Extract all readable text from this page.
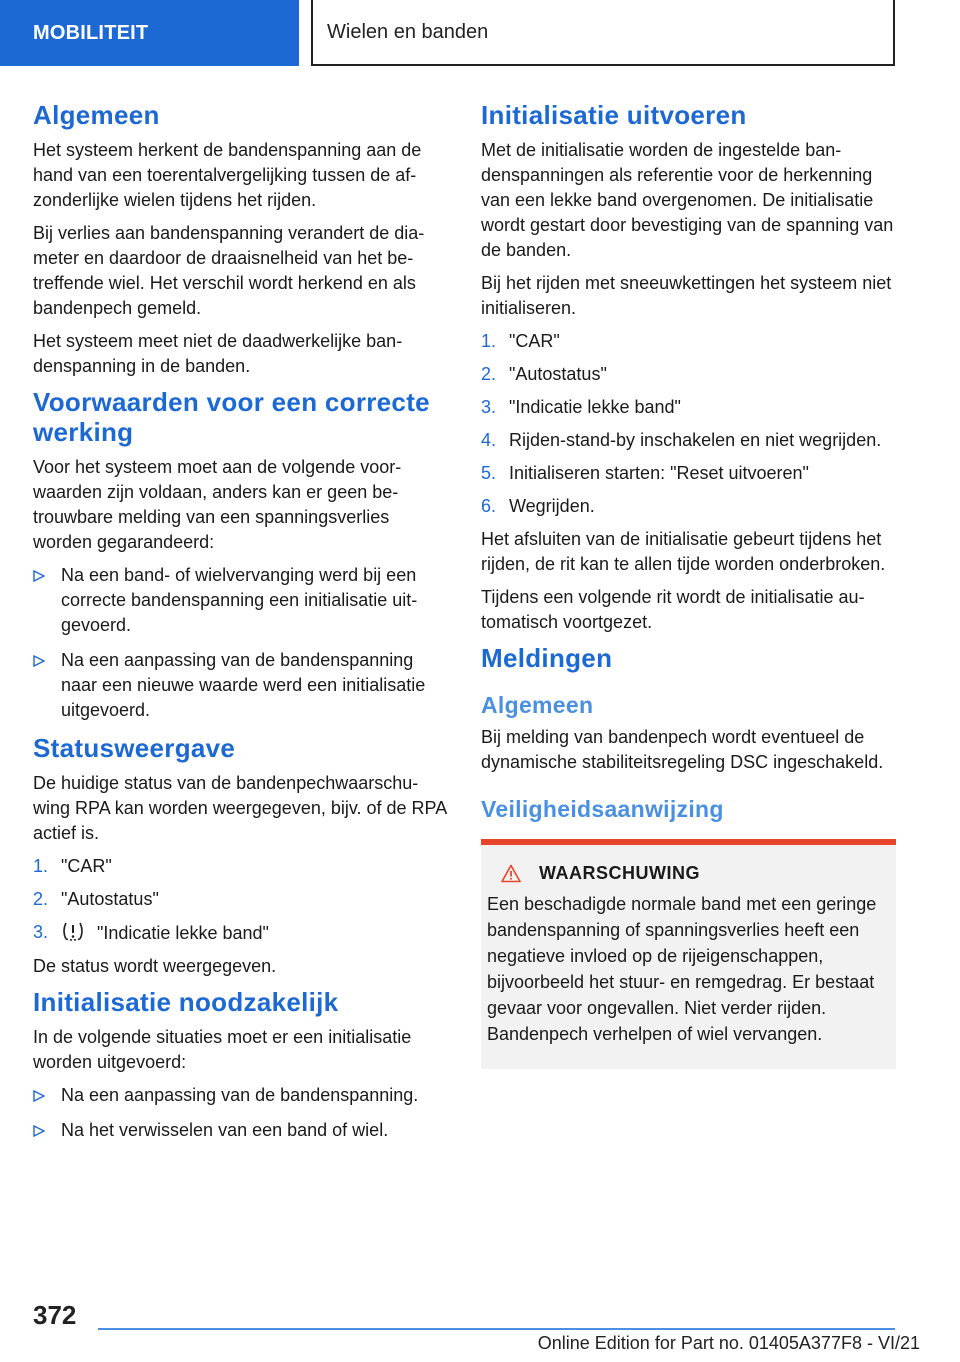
MOBILITEIT	Wielen en banden
Algemeen

Het systeem herkent de bandenspanning aan de hand van een toerentalvergelijking tussen de afzonderlijke wielen tijdens het rijden.

Bij verlies aan bandenspanning verandert de diameter en daardoor de draaisnelheid van het betreffende wiel. Het verschil wordt herkend en als bandenpech gemeld.

Het systeem meet niet de daadwerkelijke bandenspanning in de banden.

Voorwaarden voor een correcte werking

Voor het systeem moet aan de volgende voorwaarden zijn voldaan, anders kan er geen betrouwbare melding van een spanningsverlies worden gegarandeerd:

Na een band- of wielvervanging werd bij een correcte bandenspanning een initialisatie uitgevoerd.
Na een aanpassing van de bandenspanning naar een nieuwe waarde werd een initialisatie uitgevoerd.
Statusweergave

De huidige status van de bandenpechwaarschuwing RPA kan worden weergegeven, bijv. of de RPA actief is.

1. "CAR"
2. "Autostatus"
3.	"Indicatie lekke band"

De status wordt weergegeven.

Initialisatie noodzakelijk

In de volgende situaties moet er een initialisatie worden uitgevoerd:

Na een aanpassing van de bandenspanning.
Na het verwisselen van een band of wiel.
Initialisatie uitvoeren

Met de initialisatie worden de ingestelde bandenspanningen als referentie voor de herkenning van een lekke band overgenomen. De initialisatie wordt gestart door bevestiging van de spanning van de banden.

Bij het rijden met sneeuwkettingen het systeem niet initialiseren.

1. "CAR"
2. "Autostatus"
3. "Indicatie lekke band"
4. Rijden-stand-by inschakelen en niet wegrijden.
5. Initialiseren starten: "Reset uitvoeren"
6. Wegrijden.

Het afsluiten van de initialisatie gebeurt tijdens het rijden, de rit kan te allen tijde worden onderbroken.

Tijdens een volgende rit wordt de initialisatie automatisch voortgezet.

Meldingen
Algemeen

Bij melding van bandenpech wordt eventueel de dynamische stabiliteitsregeling DSC ingeschakeld.

Veiligheidsaanwijzing
WAARSCHUWING

Een beschadigde normale band met een geringe bandenspanning of spanningsverlies heeft een negatieve invloed op de rijeigenschappen, bijvoorbeeld het stuur- en remgedrag. Er bestaat gevaar voor ongevallen. Niet verder rijden. Bandenpech verhelpen of wiel vervangen.

372
Online Edition for Part no. 01405A377F8 - VI/21
